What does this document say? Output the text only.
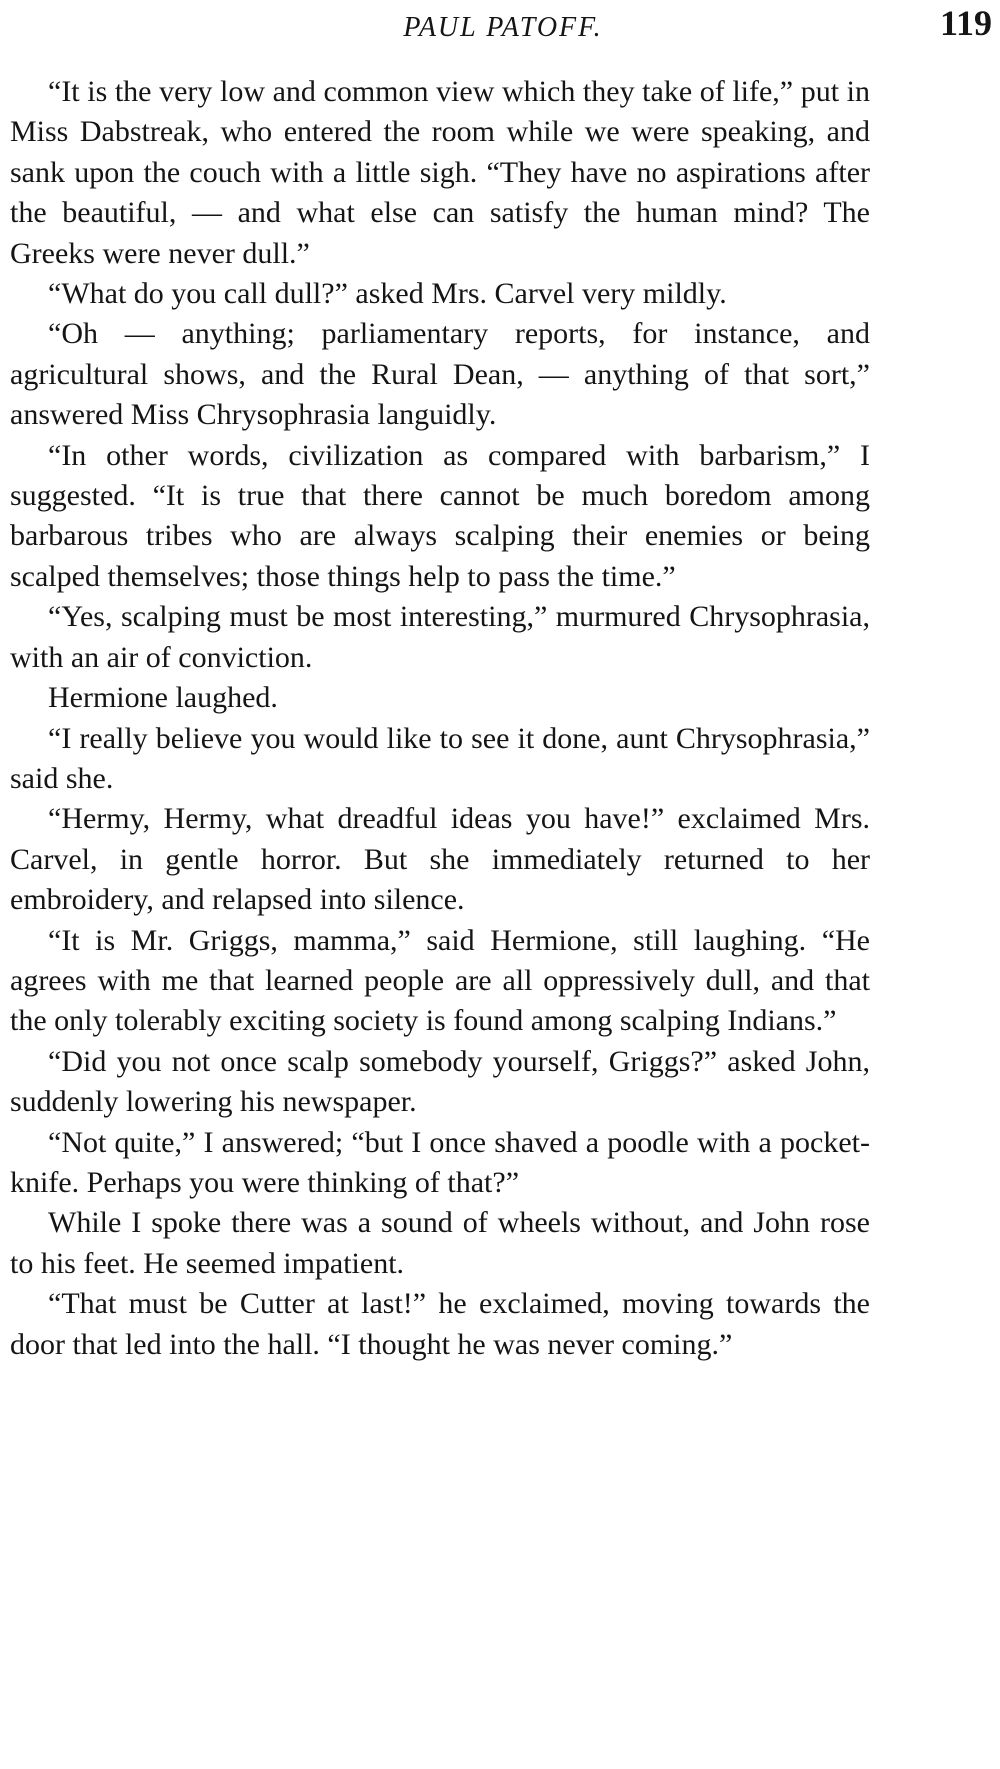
PAUL PATOFF.	119

“It is the very low and common view which they take of life,” put in Miss Dabstreak, who entered the room while we were speaking, and sank upon the couch with a little sigh. “They have no aspirations after the beautiful, — and what else can satisfy the human mind? The Greeks were never dull.”

“What do you call dull?” asked Mrs. Carvel very mildly.

“Oh — anything; parliamentary reports, for instance, and agricultural shows, and the Rural Dean, — anything of that sort,” answered Miss Chrysophrasia languidly.

“In other words, civilization as compared with barbarism,” I suggested. “It is true that there cannot be much boredom among barbarous tribes who are always scalping their enemies or being scalped themselves; those things help to pass the time.”

“Yes, scalping must be most interesting,” murmured Chrysophrasia, with an air of conviction.

Hermione laughed.

“I really believe you would like to see it done, aunt Chrysophrasia,” said she.

“Hermy, Hermy, what dreadful ideas you have!” exclaimed Mrs. Carvel, in gentle horror. But she immediately returned to her embroidery, and relapsed into silence.

“It is Mr. Griggs, mamma,” said Hermione, still laughing. “He agrees with me that learned people are all oppressively dull, and that the only tolerably exciting society is found among scalping Indians.”

“Did you not once scalp somebody yourself, Griggs?” asked John, suddenly lowering his newspaper.

“Not quite,” I answered; “but I once shaved a poodle with a pocket-knife. Perhaps you were thinking of that?”

While I spoke there was a sound of wheels without, and John rose to his feet. He seemed impatient.

“That must be Cutter at last!” he exclaimed, moving towards the door that led into the hall. “I thought he was never coming.”
